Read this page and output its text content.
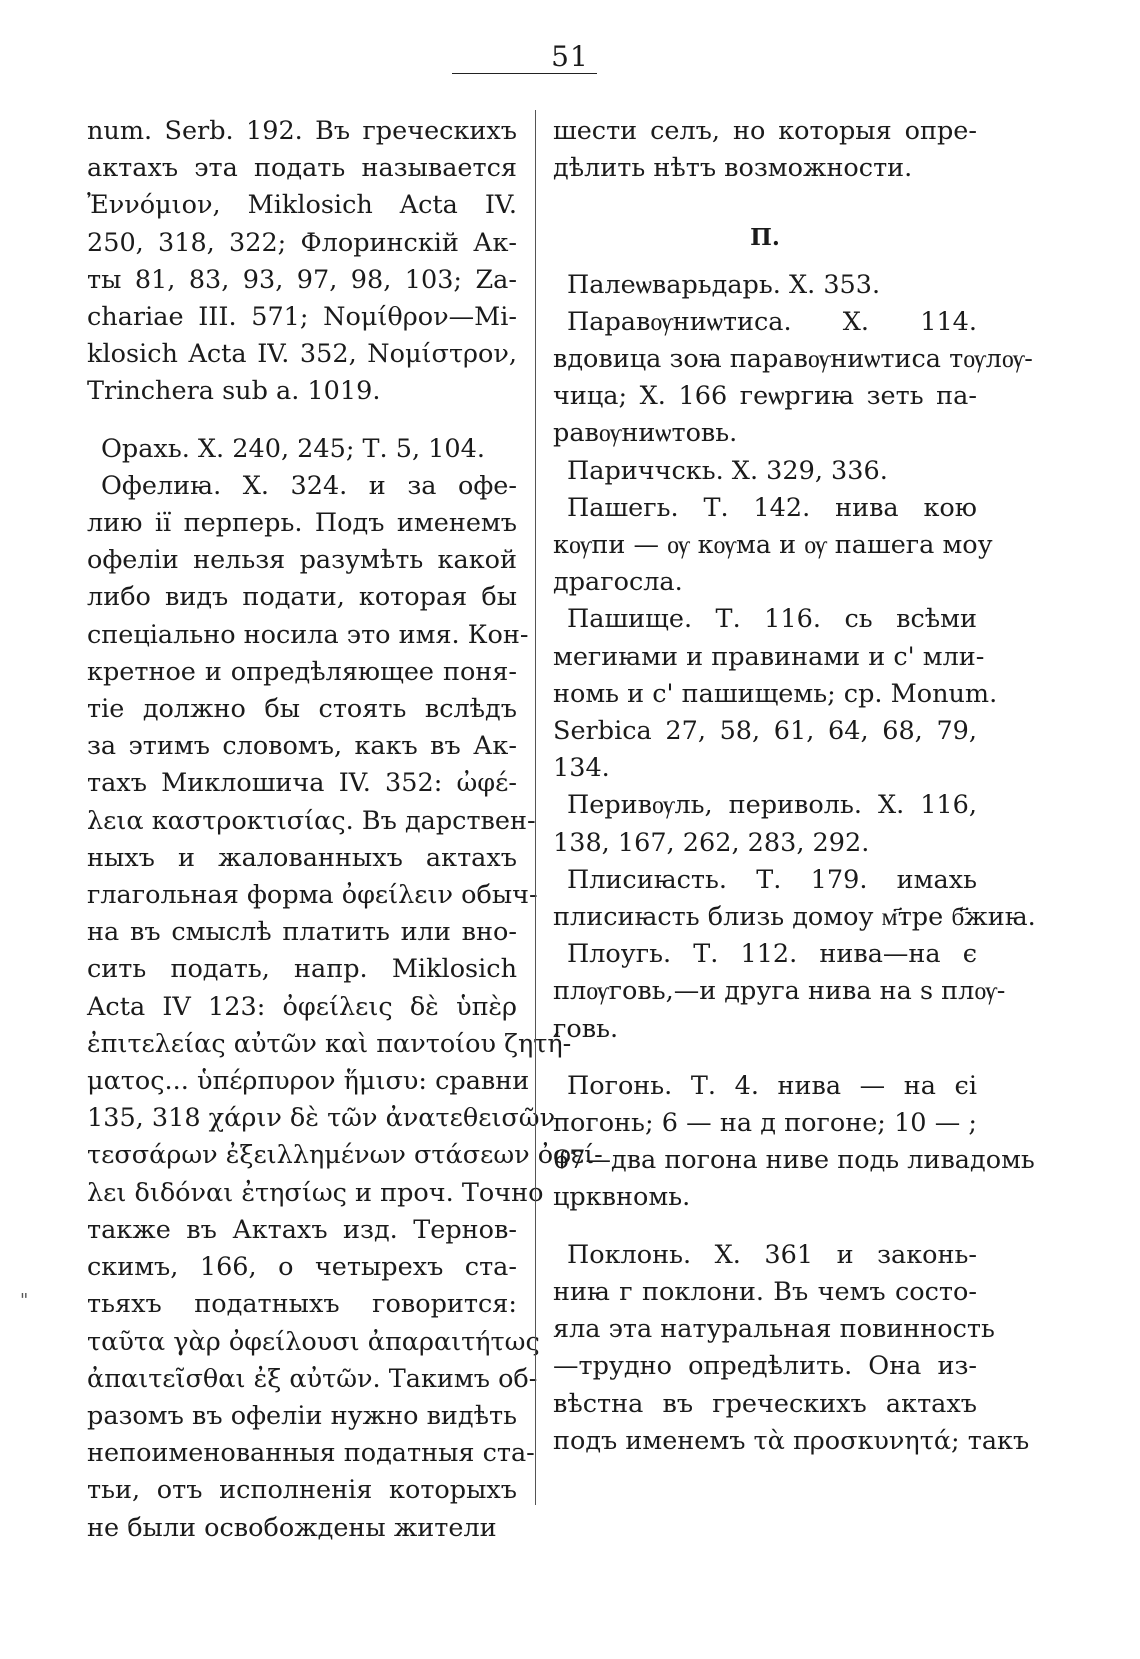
51
"
num. Serb. 192. Въ греческихъ
актахъ эта подать называется
Ἐννόμιον, Miklosich Acta IV.
250, 318, 322; Флоринскій Ак-
ты 81, 83, 93, 97, 98, 103; Za-
chariae III. 571; Νομίθρον—Mi-
klosich Acta IV. 352, Νομίστρον,
Trinchera sub a. 1019.
Орахь. Х. 240, 245; Т. 5, 104.
Офелиꙗ. Х. 324. и за офе-
лию ії перперь. Подъ именемъ
офеліи нельзя разумѣть какой
либо видъ подати, которая бы
спеціально носила это имя. Кон-
кретное и опредѣляющее поня-
тіе должно бы стоять вслѣдъ
за этимъ словомъ, какъ въ Ак-
тахъ Миклошича IV. 352: ὠφέ-
λεια καστροκτισίας. Въ дарствен-
ныхъ и жалованныхъ актахъ
глагольная форма ὀφείλειν обыч-
на въ смыслѣ платить или вно-
сить подать, напр. Miklosich
Acta IV 123: ὀφείλεις δὲ ὑπὲρ
ἐπιτελείας αὐτῶν καὶ παντοίου ζητή-
ματος... ὑπέρπυρον ἥμισυ: сравни
135, 318 χάριν δὲ τῶν ἀνατεθεισῶν
τεσσάρων ἐξειλλημένων στάσεων ὀφεί-
λει διδόναι ἐτησίως и проч. Точно
также въ Актахъ изд. Тернов-
скимъ, 166, о четырехъ ста-
тьяхъ податныхъ говорится:
ταῦτα γὰρ ὀφείλουσι ἀπαραιτήτως
ἀπαιτεῖσθαι ἐξ αὐτῶν. Такимъ об-
разомъ въ офеліи нужно видѣть
непоименованныя податныя ста-
тьи, отъ исполненія которыхъ
не были освобождены жители
шести селъ, но которыя опре-
дѣлить нѣтъ возможности.
П.
Палеѡварьдарь. Х. 353.
Паравѹниѡтиса. Х. 114.
вдовица зоꙗ паравѹниѡтиса тѹлѹ-
чица; Х. 166 геѡргиꙗ зеть па-
равѹниѡтовь.
Париччскь. Х. 329, 336.
Пашегь. Т. 142. нива кою
кѹпи — ѹ кѹма и ѹ пашега моу
драгосла.
Пашище. Т. 116. сь всѣми
мегиꙗми и правинами и с' мли-
номь и с' пашищемь; ср. Monum.
Serbica 27, 58, 61, 64, 68, 79,
134.
Перивѹль, периволь. Х. 116,
138, 167, 262, 283, 292.
Плисиꙗсть. Т. 179. имахь
плисиꙗсть близь домоу м҃тре б҃жиꙗ.
Плоугь. Т. 112. нива—на є
плѹговь,—и друга нива на ѕ плѹ-
говь.
Погонь. Т. 4. нива — на єі
погонь; 6 — на д погоне; 10 — ;
67—два погона ниве подь ливадомь
црквномь.
Поклонь. Х. 361 и законь-
ниꙗ г поклони. Въ чемъ состо-
яла эта натуральная повинность
—трудно опредѣлить. Она из-
вѣстна въ греческихъ актахъ
подъ именемъ τὰ προσκυνητά; такъ
